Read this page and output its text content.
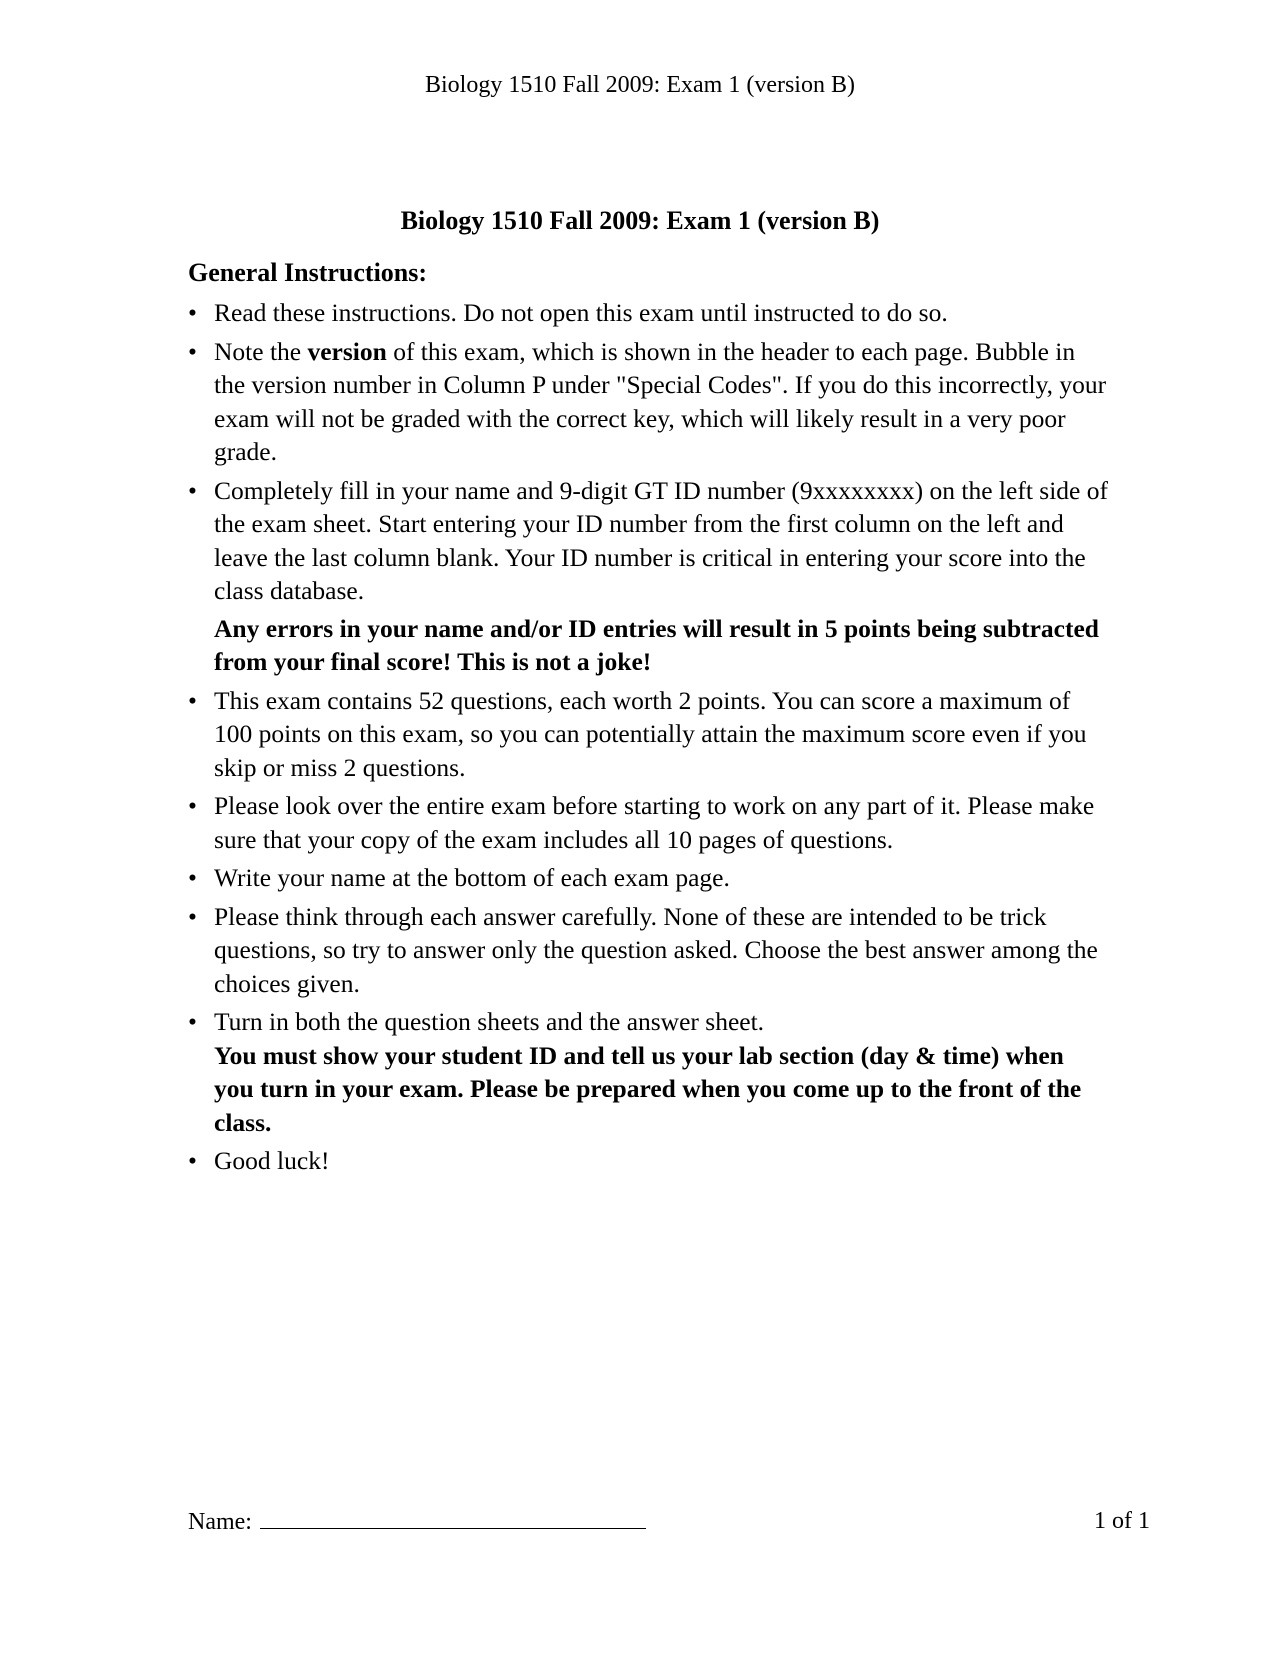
Biology 1510 Fall 2009: Exam 1 (version B)
Biology 1510 Fall 2009: Exam 1 (version B)
General Instructions:
• Read these instructions. Do not open this exam until instructed to do so.
• Note the version of this exam, which is shown in the header to each page. Bubble in the version number in Column P under "Special Codes". If you do this incorrectly, your exam will not be graded with the correct key, which will likely result in a very poor grade.
• Completely fill in your name and 9-digit GT ID number (9xxxxxxxx) on the left side of the exam sheet. Start entering your ID number from the first column on the left and leave the last column blank. Your ID number is critical in entering your score into the class database.
Any errors in your name and/or ID entries will result in 5 points being subtracted from your final score! This is not a joke!
• This exam contains 52 questions, each worth 2 points. You can score a maximum of 100 points on this exam, so you can potentially attain the maximum score even if you skip or miss 2 questions.
• Please look over the entire exam before starting to work on any part of it. Please make sure that your copy of the exam includes all 10 pages of questions.
• Write your name at the bottom of each exam page.
• Please think through each answer carefully. None of these are intended to be trick questions, so try to answer only the question asked. Choose the best answer among the choices given.
• Turn in both the question sheets and the answer sheet.
You must show your student ID and tell us your lab section (day & time) when you turn in your exam. Please be prepared when you come up to the front of the class.
• Good luck!
Name:	1 of 1
